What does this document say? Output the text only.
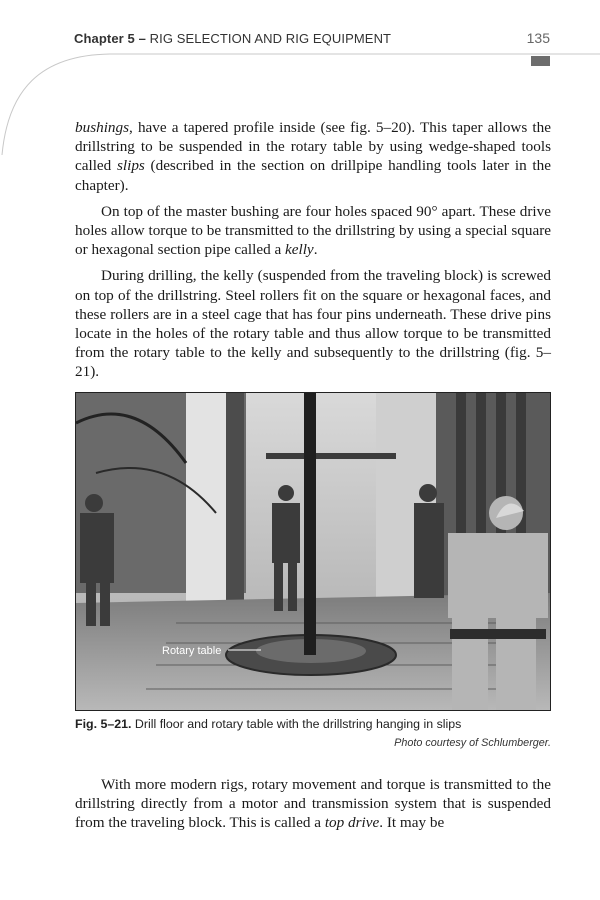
Chapter 5 – RIG SELECTION AND RIG EQUIPMENT	135

bushings, have a tapered profile inside (see fig. 5–20). This taper allows the drillstring to be suspended in the rotary table by using wedge-shaped tools called slips (described in the section on drillpipe handling tools later in the chapter).

On top of the master bushing are four holes spaced 90° apart. These drive holes allow torque to be transmitted to the drillstring by using a special square or hexagonal section pipe called a kelly.

During drilling, the kelly (suspended from the traveling block) is screwed on top of the drillstring. Steel rollers fit on the square or hexagonal faces, and these rollers are in a steel cage that has four pins underneath. These drive pins locate in the holes of the rotary table and thus allow torque to be transmitted from the rotary table to the kelly and subsequently to the drillstring (fig. 5–21).

Rotary table
Fig. 5–21. Drill floor and rotary table with the drillstring hanging in slips
Photo courtesy of Schlumberger.

With more modern rigs, rotary movement and torque is transmitted to the drillstring directly from a motor and transmission system that is suspended from the traveling block. This is called a top drive. It may be
